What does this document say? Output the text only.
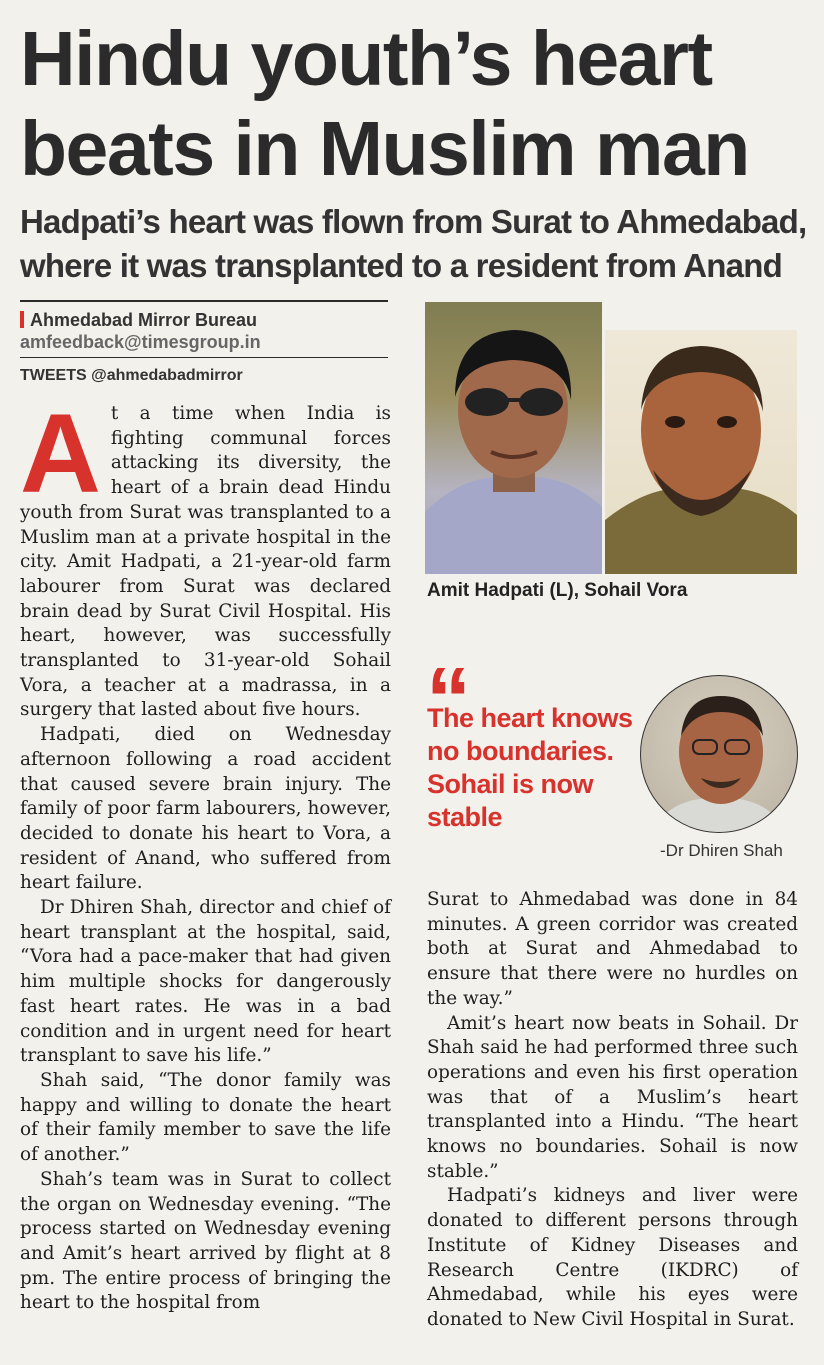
Hindu youth’s heart beats in Muslim man
Hadpati’s heart was flown from Surat to Ahmedabad, where it was transplanted to a resident from Anand
Ahmedabad Mirror Bureau
amfeedback@timesgroup.in
TWEETS @ahmedabadmirror

At a time when India is fighting communal forces attacking its diversity, the heart of a brain dead Hindu youth from Surat was transplanted to a Muslim man at a private hospital in the city. Amit Hadpati, a 21-year-old farm labourer from Surat was declared brain dead by Surat Civil Hospital. His heart, however, was successfully transplanted to 31-year-old Sohail Vora, a teacher at a madrassa, in a surgery that lasted about five hours.

Hadpati, died on Wednesday afternoon following a road accident that caused severe brain injury. The family of poor farm labourers, however, decided to donate his heart to Vora, a resident of Anand, who suffered from heart failure.

Dr Dhiren Shah, director and chief of heart transplant at the hospital, said, “Vora had a pace-maker that had given him multiple shocks for dangerously fast heart rates. He was in a bad condition and in urgent need for heart transplant to save his life.”

Shah said, “The donor family was happy and willing to donate the heart of their family member to save the life of another.”

Shah’s team was in Surat to collect the organ on Wednesday evening. “The process started on Wednesday evening and Amit’s heart arrived by flight at 8 pm. The entire process of bringing the heart to the hospital from

Amit Hadpati (L), Sohail Vora
“
The heart knows no boundaries. Sohail is now stable
-Dr Dhiren Shah

Surat to Ahmedabad was done in 84 minutes. A green corridor was created both at Surat and Ahmedabad to ensure that there were no hurdles on the way.”

Amit’s heart now beats in Sohail. Dr Shah said he had performed three such operations and even his first operation was that of a Muslim’s heart transplanted into a Hindu. “The heart knows no boundaries. Sohail is now stable.”

Hadpati’s kidneys and liver were donated to different persons through Institute of Kidney Diseases and Research Centre (IKDRC) of Ahmedabad, while his eyes were donated to New Civil Hospital in Surat.
